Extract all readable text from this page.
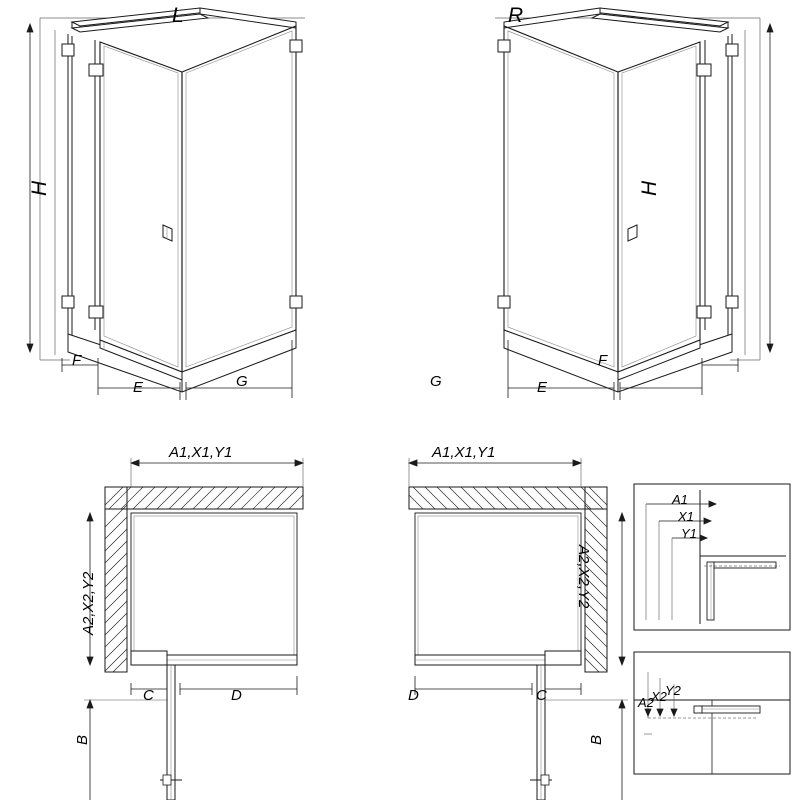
L	R
H	H
F
E	G
F
E
G
A1,X1,Y1	A1,X1,Y1
A2,X2,Y2	A2,X2,Y2
C	D	D	C
B	B
A1
X1
Y1
A2
X2
Y2
